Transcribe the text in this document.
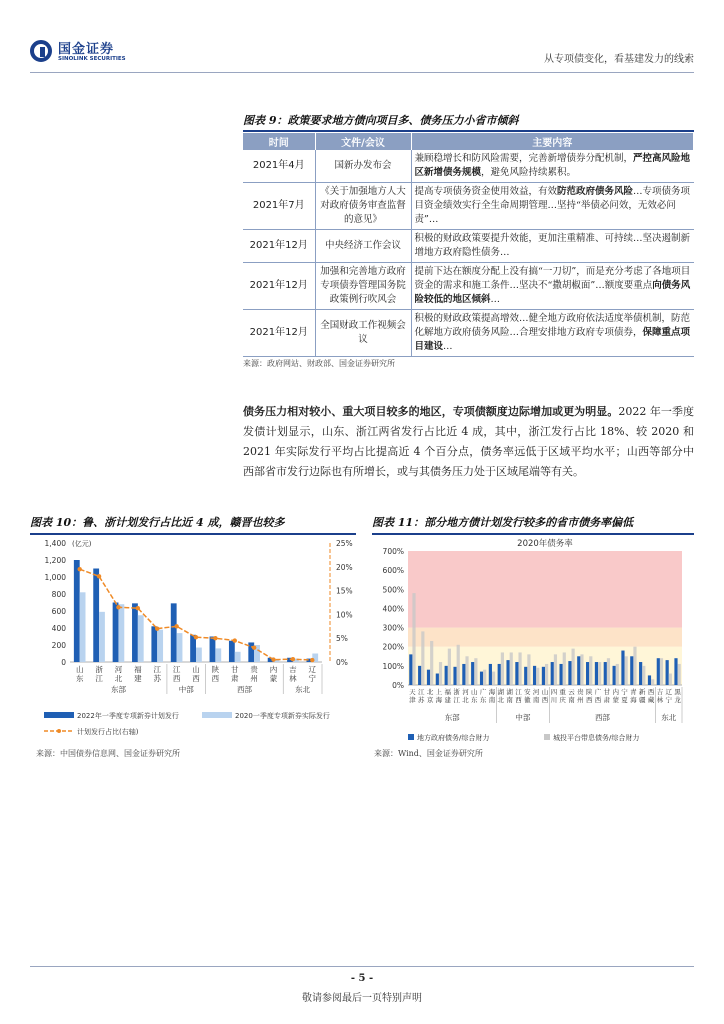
国金证券
SINOLINK SECURITIES	从专项债变化，看基建发力的线索
图表 9：政策要求地方债向项目多、债务压力小省市倾斜
时间	文件/会议	主要内容
2021年4月	国新办发布会	兼顾稳增长和防风险需要，完善新增债券分配机制，严控高风险地区新增债务规模，避免风险持续累积。
2021年7月	《关于加强地方人大对政府债务审查监督的意见》	提高专项债务资金使用效益，有效防范政府债务风险…专项债务项目资金绩效实行全生命周期管理…坚持“举债必问效，无效必问责”…
2021年12月	中央经济工作会议	积极的财政政策要提升效能，更加注重精准、可持续…坚决遏制新增地方政府隐性债务…
2021年12月	加强和完善地方政府专项债券管理国务院政策例行吹风会	提前下达在额度分配上没有搞“一刀切”，而是充分考虑了各地项目资金的需求和施工条件…坚决不“撒胡椒面”…额度要重点向债务风险较低的地区倾斜…
2021年12月	全国财政工作视频会议	积极的财政政策提高增效…健全地方政府依法适度举债机制，防范化解地方政府债务风险…合理安排地方政府专项债券，保障重点项目建设…
来源：政府网站、财政部、国金证券研究所
债务压力相对较小、重大项目较多的地区，专项债额度边际增加或更为明显。2022 年一季度发债计划显示，山东、浙江两省发行占比近 4 成，其中，浙江发行占比 18%、较 2020 和 2021 年实际发行平均占比提高近 4 个百分点，债务率远低于区域平均水平；山西等部分中西部省市发行边际也有所增长，或与其债务压力处于区域尾端等有关。
图表 10：鲁、浙计划发行占比近 4 成，赣晋也较多
(亿元)
0
200
400
600
800
1,000
1,200
1,400
0%
5%
10%
15%
20%
25%
山
东
浙
江
河
北
福
建
江
苏
江
西
山
西
陕
西
甘
肃
贵
州
内
蒙
吉
林
辽
宁
东部	中部	西部	东北
2022年一季度专项新券计划发行	2020一季度专项新券实际发行
计划发行占比(右轴)
来源：中国债券信息网、国金证券研究所
图表 11：部分地方债计划发行较多的省市债务率偏低
2020年债务率
0%
100%
200%
300%
400%
500%
600%
700%
天
津
江
苏
北
京
上
海
福
建
浙
江
河
北
山
东
广
东
海
南
湖
北
湖
南
江
西
安
徽
河
南
山
西
四
川
重
庆
云
南
贵
州
陕
西
广
西
甘
肃
内
蒙
宁
夏
青
海
新
疆
西
藏
吉
林
辽
宁
黑
龙
东部	中部	西部	东北
地方政府债务/综合财力	城投平台带息债务/综合财力
来源：Wind、国金证券研究所
- 5 -
敬请参阅最后一页特别声明
